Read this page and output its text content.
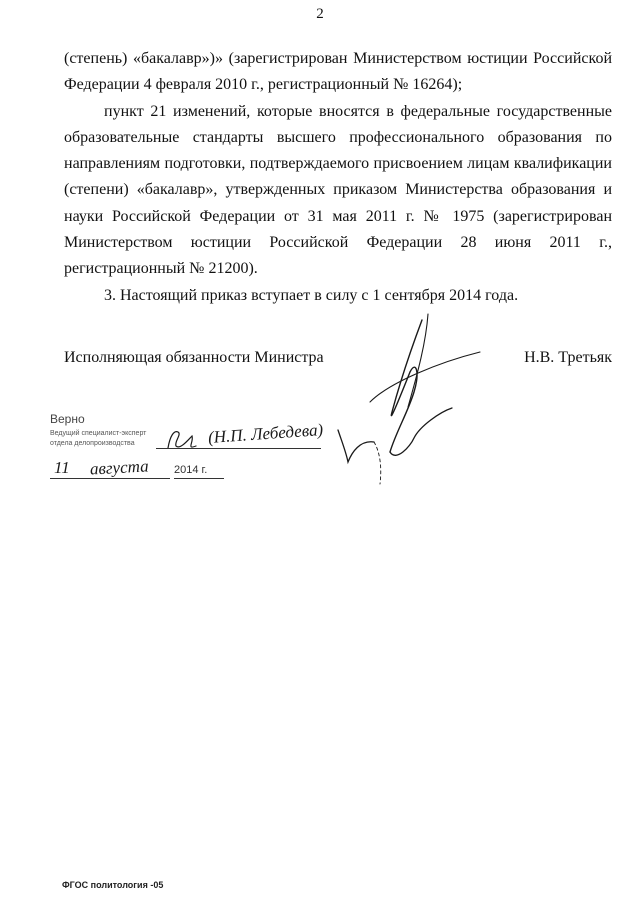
2

(степень) «бакалавр»)» (зарегистрирован Министерством юстиции Российской Федерации 4 февраля 2010 г., регистрационный № 16264);

пункт 21 изменений, которые вносятся в федеральные государственные образовательные стандарты высшего профессионального образования по направлениям подготовки, подтверждаемого присвоением лицам квалификации (степени) «бакалавр», утвержденных приказом Министерства образования и науки Российской Федерации от 31 мая 2011 г. № 1975 (зарегистрирован Министерством юстиции Российской Федерации 28 июня 2011 г., регистрационный № 21200).

3. Настоящий приказ вступает в силу с 1 сентября 2014 года.

Исполняющая обязанности Министра	Н.В. Третьяк
Верно
Ведущий специалист-эксперт
отдела делопроизводства	(Н.П. Лебедева)
11 августа 2014 г.
ФГОС политология -05
